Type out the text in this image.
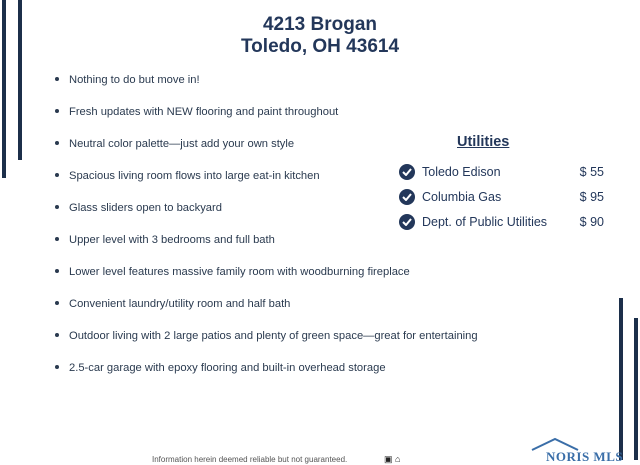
4213 Brogan
Toledo, OH 43614
Nothing to do but move in!
Fresh updates with NEW flooring and paint throughout
Neutral color palette—just add your own style
Spacious living room flows into large eat-in kitchen
Glass sliders open to backyard
Upper level with 3 bedrooms and full bath
Lower level features massive family room with woodburning fireplace
Convenient laundry/utility room and half bath
Outdoor living with 2 large patios and plenty of green space—great for entertaining
2.5-car garage with epoxy flooring and built-in overhead storage
Utilities
Toledo Edison	$ 55
Columbia Gas	$ 95
Dept. of Public Utilities	$ 90
Information herein deemed reliable but not guaranteed.	▣ ⌂	NORIS MLS
